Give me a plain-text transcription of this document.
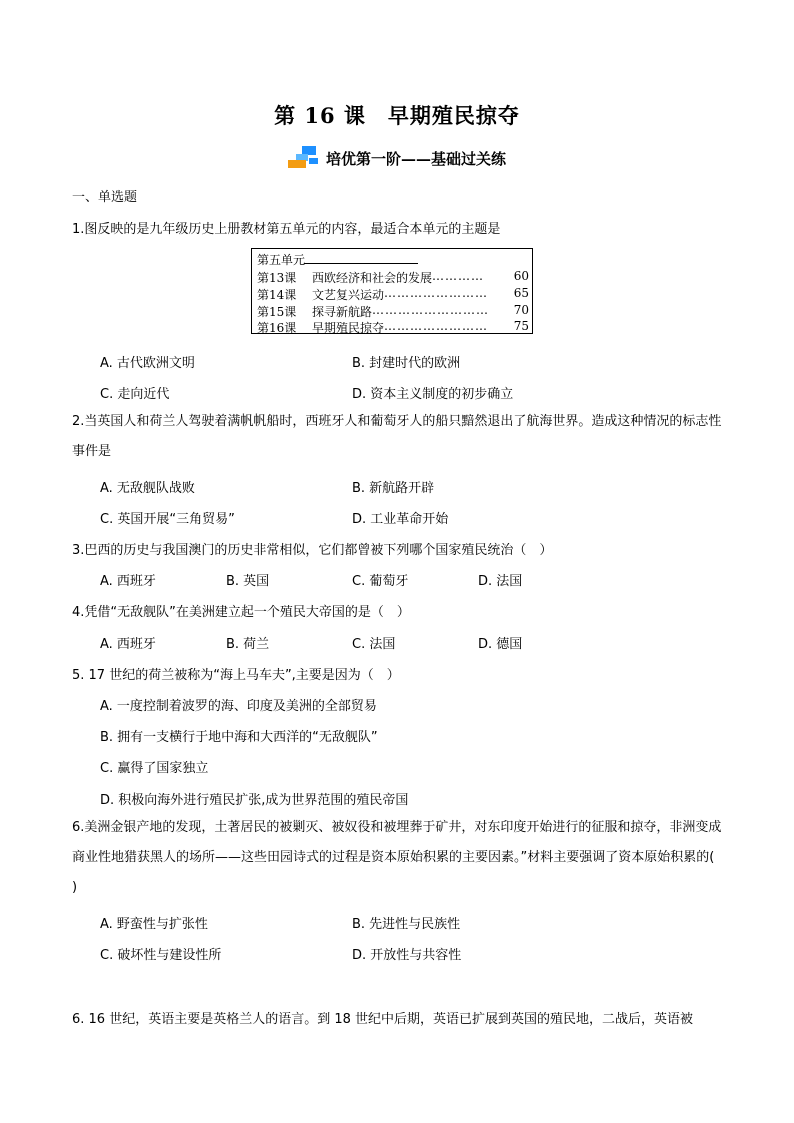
第 16 课　早期殖民掠夺
培优第一阶——基础过关练
一、单选题
1.图反映的是九年级历史上册教材第五单元的内容，最适合本单元的主题是
第五单元
第13课	西欧经济和社会的发展 …………	60
第14课	文艺复兴运动 ……………………	65
第15课	探寻新航路 ………………………	70
第16课	早期殖民掠夺 ……………………	75
A. 古代欧洲文明	B. 封建时代的欧洲
C. 走向近代	D. 资本主义制度的初步确立
2.当英国人和荷兰人驾驶着满帆帆船时，西班牙人和葡萄牙人的船只黯然退出了航海世界。造成这种情况的标志性事件是
A. 无敌舰队战败	B. 新航路开辟
C. 英国开展“三角贸易”	D. 工业革命开始
3.巴西的历史与我国澳门的历史非常相似，它们都曾被下列哪个国家殖民统治（　）
A. 西班牙	B. 英国	C. 葡萄牙	D. 法国
4.凭借“无敌舰队”在美洲建立起一个殖民大帝国的是（　）
A. 西班牙	B. 荷兰	C. 法国	D. 德国
5. 17 世纪的荷兰被称为“海上马车夫”,主要是因为（　）
A. 一度控制着波罗的海、印度及美洲的全部贸易
B. 拥有一支横行于地中海和大西洋的“无敌舰队”
C. 赢得了国家独立
D. 积极向海外进行殖民扩张,成为世界范围的殖民帝国
6.美洲金银产地的发现，土著居民的被剿灭、被奴役和被埋葬于矿井，对东印度开始进行的征服和掠夺，非洲变成商业性地猎获黑人的场所——这些田园诗式的过程是资本原始积累的主要因素。”材料主要强调了资本原始积累的( )
A. 野蛮性与扩张性	B. 先进性与民族性
C. 破坏性与建设性所	D. 开放性与共容性
6. 16 世纪，英语主要是英格兰人的语言。到 18 世纪中后期，英语已扩展到英国的殖民地，二战后，英语被
